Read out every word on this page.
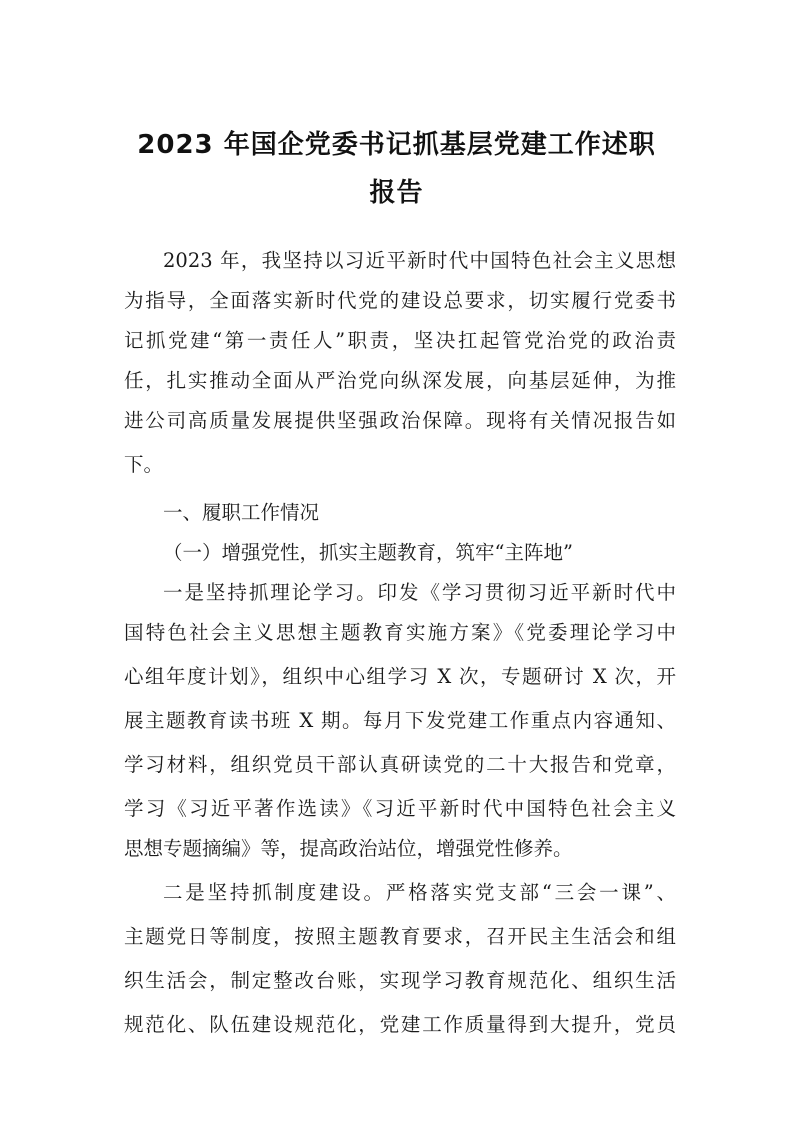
2023 年国企党委书记抓基层党建工作述职
报告
2023 年，我坚持以习近平新时代中国特色社会主义思想
为指导，全面落实新时代党的建设总要求，切实履行党委书
记抓党建“第一责任人”职责，坚决扛起管党治党的政治责
任，扎实推动全面从严治党向纵深发展，向基层延伸，为推
进公司高质量发展提供坚强政治保障。现将有关情况报告如
下。
一、履职工作情况
（一）增强党性，抓实主题教育，筑牢“主阵地”
一是坚持抓理论学习。印发《学习贯彻习近平新时代中
国特色社会主义思想主题教育实施方案》《党委理论学习中
心组年度计划》，组织中心组学习 X 次，专题研讨 X 次，开
展主题教育读书班 X 期。每月下发党建工作重点内容通知、
学习材料，组织党员干部认真研读党的二十大报告和党章，
学习《习近平著作选读》《习近平新时代中国特色社会主义
思想专题摘编》等，提高政治站位，增强党性修养。
二是坚持抓制度建设。严格落实党支部“三会一课”、
主题党日等制度，按照主题教育要求，召开民主生活会和组
织生活会，制定整改台账，实现学习教育规范化、组织生活
规范化、队伍建设规范化，党建工作质量得到大提升，党员
